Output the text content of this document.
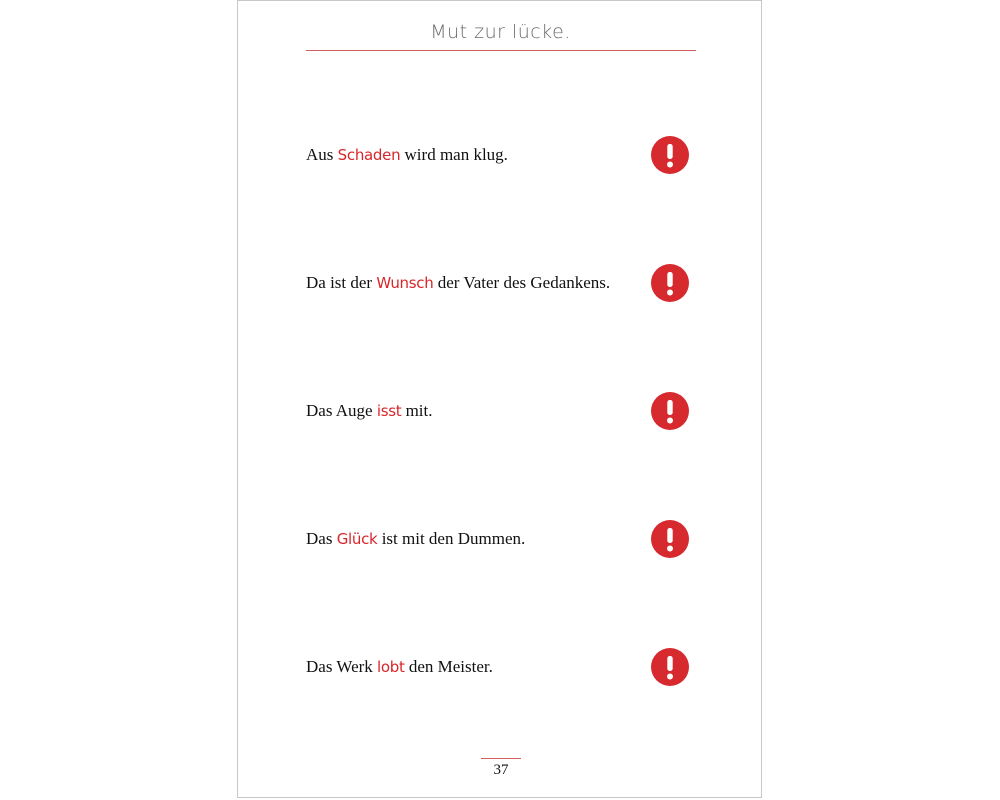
Mut zur lücke.
Aus Schaden wird man klug.
Da ist der Wunsch der Vater des Gedankens.
Das Auge isst mit.
Das Glück ist mit den Dummen.
Das Werk lobt den Meister.
37
